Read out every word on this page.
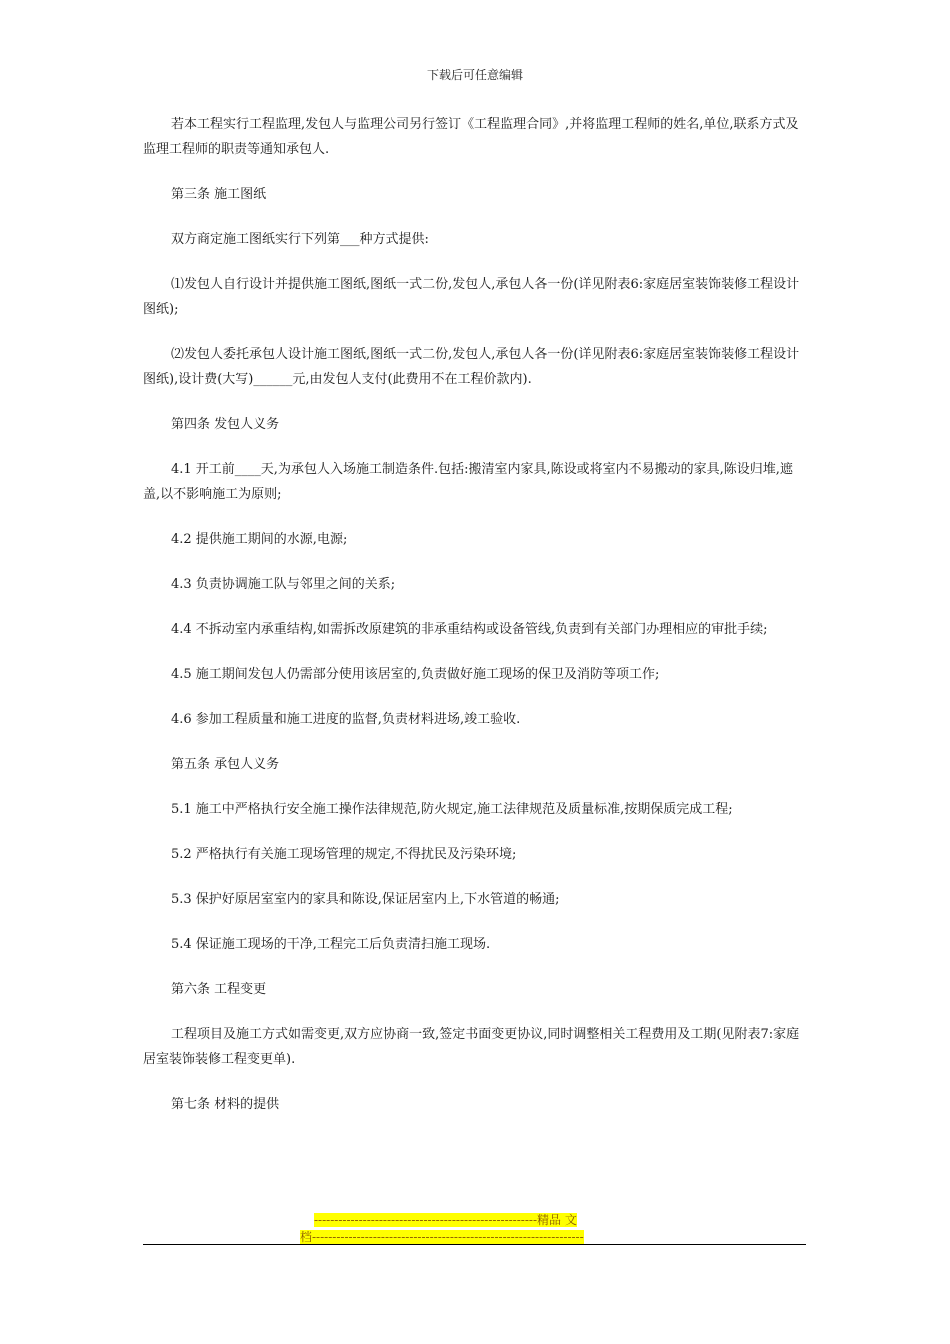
下载后可任意编辑

若本工程实行工程监理,发包人与监理公司另行签订《工程监理合同》,并将监理工程师的姓名,单位,联系方式及监理工程师的职责等通知承包人.

第三条 施工图纸

双方商定施工图纸实行下列第___种方式提供:

⑴发包人自行设计并提供施工图纸,图纸一式二份,发包人,承包人各一份(详见附表6:家庭居室装饰装修工程设计图纸);

⑵发包人委托承包人设计施工图纸,图纸一式二份,发包人,承包人各一份(详见附表6:家庭居室装饰装修工程设计图纸),设计费(大写)______元,由发包人支付(此费用不在工程价款内).

第四条 发包人义务

4.1 开工前____天,为承包人入场施工制造条件.包括:搬清室内家具,陈设或将室内不易搬动的家具,陈设归堆,遮盖,以不影响施工为原则;

4.2 提供施工期间的水源,电源;

4.3 负责协调施工队与邻里之间的关系;

4.4 不拆动室内承重结构,如需拆改原建筑的非承重结构或设备管线,负责到有关部门办理相应的审批手续;

4.5 施工期间发包人仍需部分使用该居室的,负责做好施工现场的保卫及消防等项工作;

4.6 参加工程质量和施工进度的监督,负责材料进场,竣工验收.

第五条 承包人义务

5.1 施工中严格执行安全施工操作法律规范,防火规定,施工法律规范及质量标准,按期保质完成工程;

5.2 严格执行有关施工现场管理的规定,不得扰民及污染环境;

5.3 保护好原居室室内的家具和陈设,保证居室内上,下水管道的畅通;

5.4 保证施工现场的干净,工程完工后负责清扫施工现场.

第六条 工程变更

工程项目及施工方式如需变更,双方应协商一致,签定书面变更协议,同时调整相关工程费用及工期(见附表7:家庭居室装饰装修工程变更单).

第七条 材料的提供

-------------------------------------------------------精品 文
档-------------------------------------------------------------------
